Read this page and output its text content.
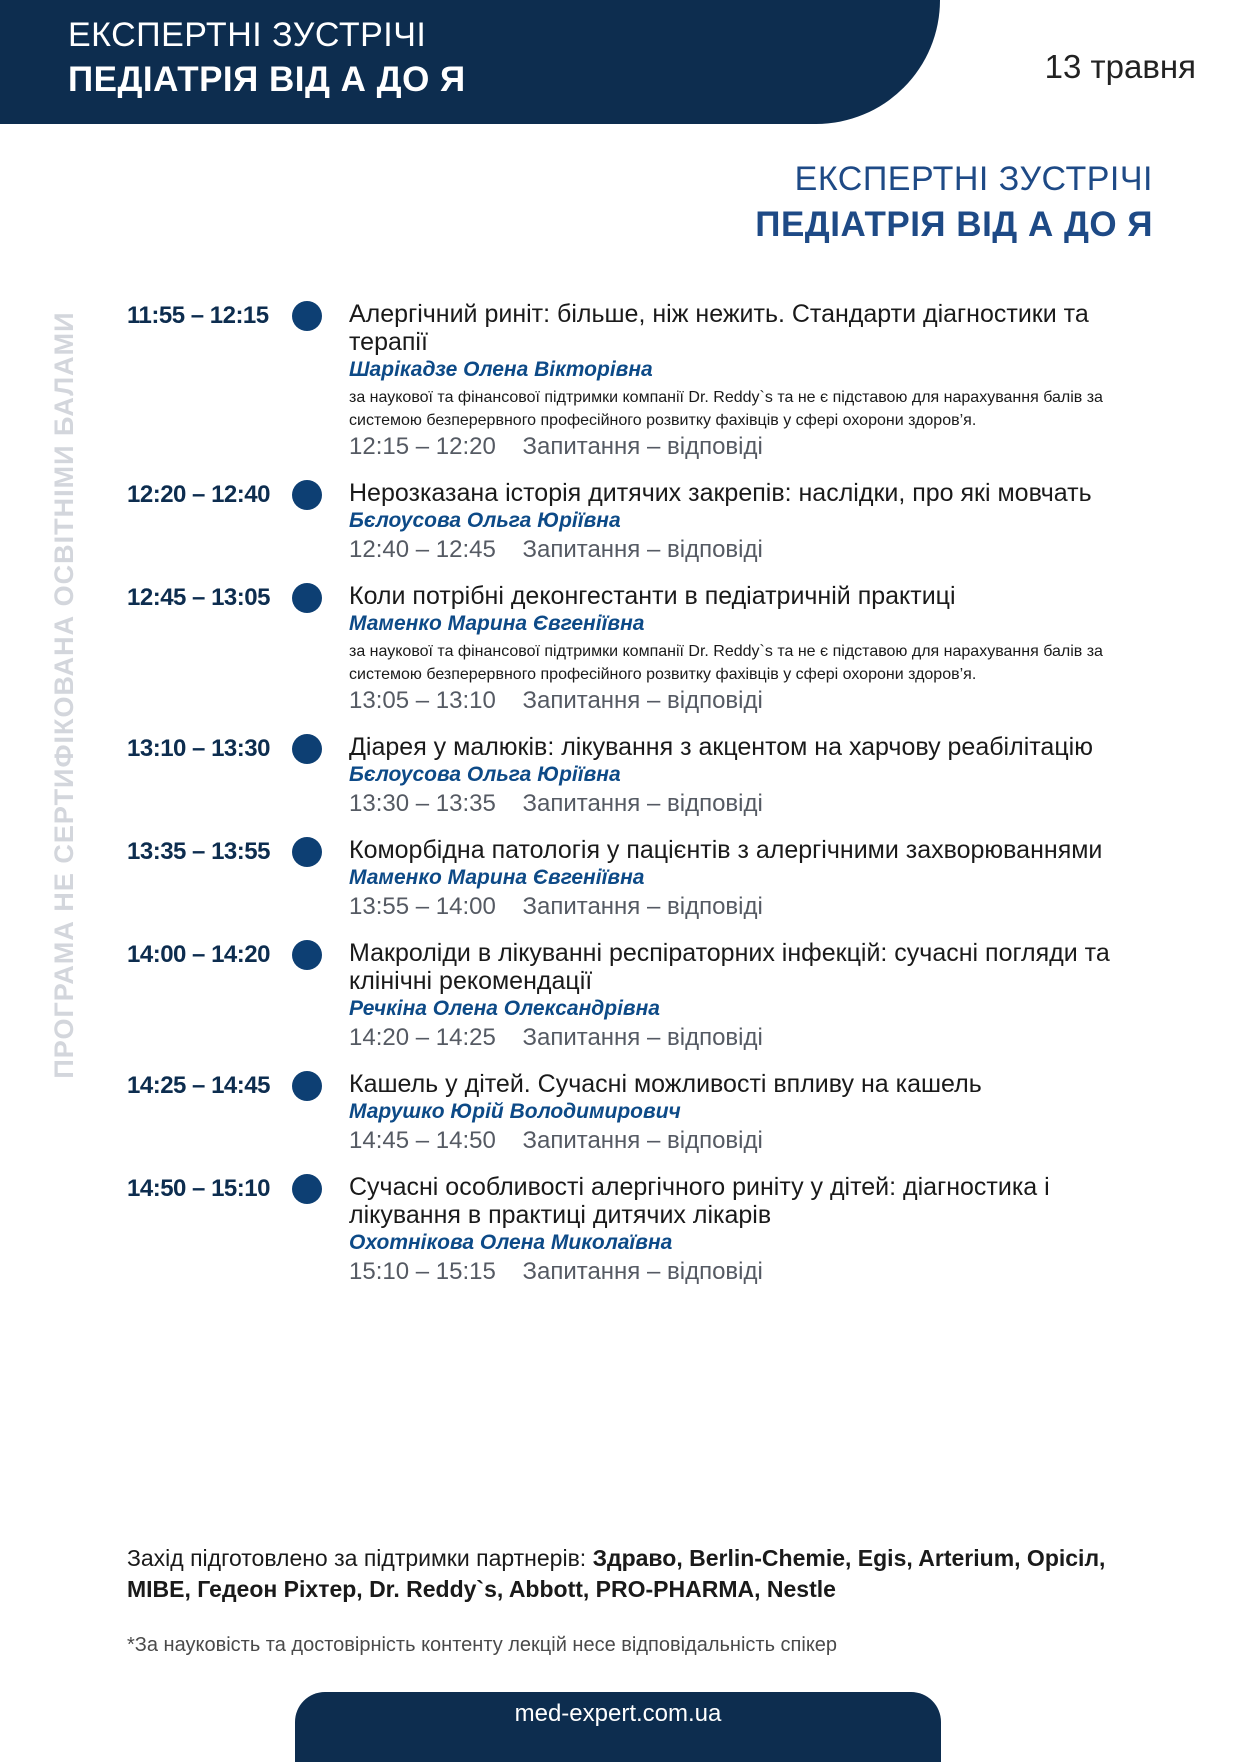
ЕКСПЕРТНІ ЗУСТРІЧІ
ПЕДІАТРІЯ ВІД А ДО Я	13 травня
ЕКСПЕРТНІ ЗУСТРІЧІ
ПЕДІАТРІЯ ВІД А ДО Я
ПРОГРАМА НЕ СЕРТИФІКОВАНА ОСВІТНІМИ БАЛАМИ 11:55 – 12:15	Алергічний риніт: більше, ніж нежить. Стандарти діагностики та терапії
Шарікадзе Олена Вікторівна
за наукової та фінансової підтримки компанії Dr. Reddy`s та не є підставою для нарахування балів за системою безперервного професійного розвитку фахівців у сфері охорони здоров’я.
12:15 – 12:20 Запитання – відповіді
12:20 – 12:40	Нерозказана історія дитячих закрепів: наслідки, про які мовчать
Бєлоусова Ольга Юріївна
12:40 – 12:45 Запитання – відповіді
12:45 – 13:05	Коли потрібні деконгестанти в педіатричній практиці
Маменко Марина Євгеніївна
за наукової та фінансової підтримки компанії Dr. Reddy`s та не є підставою для нарахування балів за системою безперервного професійного розвитку фахівців у сфері охорони здоров’я.
13:05 – 13:10 Запитання – відповіді
13:10 – 13:30	Діарея у малюків: лікування з акцентом на харчову реабілітацію
Бєлоусова Ольга Юріївна
13:30 – 13:35 Запитання – відповіді
13:35 – 13:55	Коморбідна патологія у пацієнтів з алергічними захворюваннями
Маменко Марина Євгеніївна
13:55 – 14:00 Запитання – відповіді
14:00 – 14:20	Макроліди в лікуванні респіраторних інфекцій: сучасні погляди та клінічні рекомендації
Речкіна Олена Олександрівна
14:20 – 14:25 Запитання – відповіді
14:25 – 14:45	Кашель у дітей. Сучасні можливості впливу на кашель
Марушко Юрій Володимирович
14:45 – 14:50 Запитання – відповіді
14:50 – 15:10	Сучасні особливості алергічного риніту у дітей: діагностика і лікування в практиці дитячих лікарів
Охотнікова Олена Миколаївна
15:10 – 15:15 Запитання – відповіді
Захід підготовлено за підтримки партнерів: Здраво, Berlin-Chemie, Egis, Arterium, Орісіл, MIBE, Гедеон Ріхтер, Dr. Reddy`s, Abbott, PRO-PHARMA, Nestle
*За науковість та достовірність контенту лекцій несе відповідальність спікер
med-expert.com.ua
